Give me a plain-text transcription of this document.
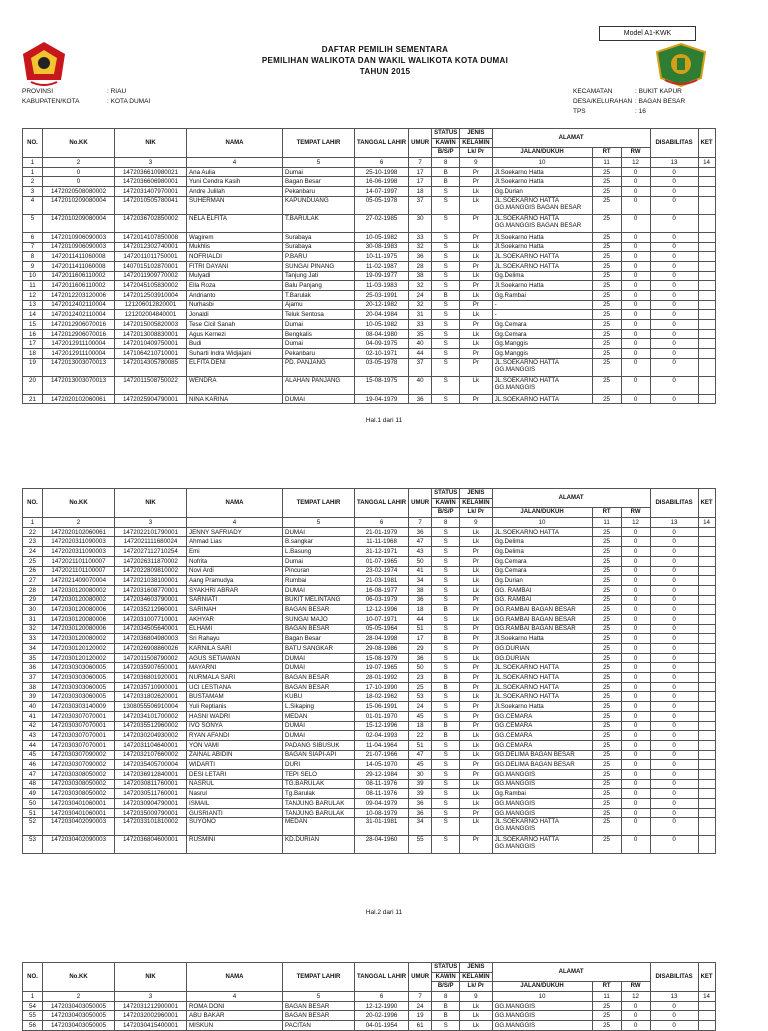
Model A1-KWK
DAFTAR PEMILIH SEMENTARA
PEMILIHAN WALIKOTA DAN WAKIL WALIKOTA KOTA DUMAI
TAHUN 2015
PROVINSI	: RIAU
KABUPATEN/KOTA	: KOTA DUMAI
KECAMATAN	: BUKIT KAPUR
DESA/KELURAHAN : BAGAN BESAR
TPS	: 16
NO.	No.KK	NIK	NAMA	TEMPAT LAHIR	TANGGAL LAHIR	UMUR	STATUS	JENIS	ALAMAT			DISABILITAS	KET
							KAWIN	KELAMIN					
							B/S/P	Lk/ Pr	JALAN/DUKUH	RT	RW		
1	2	3	4	5	6	7	8	9	10	11	12	13	14
1	0	1472036610980021	Ana Aulia	Dumai	25-10-1998	17	B	Pr	Jl.Soekarno Hatta	25	0	0	
2	0	1472036606980001	Yuni Cendra Kasih	Bagan Besar	16-06-1998	17	B	Pr	Jl.Soekarno Hatta	25	0	0	
3	1472020508080002	1472031407970001	Andre Julilah	Pekanbaru	14-07-1997	18	S	Lk	Gg.Durian	25	0	0	
4	1472010209080004	1472010505780041	SUHERMAN	KAPUNDUANG	05-05-1978	37	S	Lk	JL.SOEKARNO HATTA
GG.MANGGIS BAGAN BESAR	25	0	0	
5	1472010209080004	1472036702850002	NELA ELFITA	T.BARULAK	27-02-1985	30	S	Pr	JL.SOEKARNO HATTA
GG.MANGGIS BAGAN BESAR	25	0	0	
6	1472010906090003	1472014107850008	Wagirem	Surabaya	10-05-1982	33	S	Pr	Jl.Soekarno Hatta	25	0	0	
7	1472010906090003	1472012302740001	Mukhlis	Surabaya	30-08-1983	32	S	Lk	Jl.Soekarno Hatta	25	0	0	
8	1472011411060008	1472011011750001	NOFRIALDI	P.BARU	10-11-1975	36	S	Lk	JL.SOEKARNO HATTA	25	0	0	
9	1472011411060008	1407015102870001	FITRI DAYANI	SUNGAI PINANG	11-02-1987	28	S	Pr	JL.SOEKARNO HATTA	25	0	0	
10	1472011606110002	1472011909770002	Mulyadi	Tanjung Jati	19-09-1977	38	S	Lk	Gg.Delima	25	0	0	
11	1472011606110002	1472045105830002	Ella Roza	Balu Panjang	11-03-1983	32	S	Pr	Jl.Soekarno Hatta	25	0	0	
12	1472012203120006	1472012503910004	Andrianto	T.Barulak	25-03-1991	24	B	Lk	Gg.Rambai	25	0	0	
13	1472012402110004	121206012820001	Nurhasbi	Ajamu	20-12-1982	32	S	Pr	-	25	0	0	
14	1472012402110004	121202004840001	Jonaldi	Teluk Sentosa	20-04-1984	31	S	Lk	-	25	0	0	
15	1472012906070016	1472015005820003	Tese Cicil Sanah	Dumai	10-05-1982	33	S	Pr	Gg.Cemara	25	0	0	
16	1472012906070016	1472013008830001	Agus Kernezi	Bengkalis	08-04-1980	35	S	Lk	Gg.Cemara	25	0	0	
17	1472012911100004	1472010409750001	Budi	Dumai	04-09-1975	40	S	Lk	Gg.Manggis	25	0	0	
18	1472012911100004	1471064210710001	Suharti Indra Widjajani	Pekanbaru	02-10-1971	44	S	Pr	Gg.Manggis	25	0	0	
19	1472013003070013	1472014305780085	ELFITA DENI	PD. PANJANG	03-05-1978	37	S	Pr	JL.SOEKARNO HATTA
GG.MANGGIS	25	0	0	
20	1472013003070013	1472011508750022	WENDRA	ALAHAN PANJANG	15-08-1975	40	S	Lk	JL.SOEKARNO HATTA
GG.MANGGIS	25	0	0	
21	1472020102060061	1472025904790001	NINA KARINA	DUMAI	19-04-1979	36	S	Pr	JL.SOEKARNO HATTA	25	0	0	
Hal.1 dari 11
NO.	No.KK	NIK	NAMA	TEMPAT LAHIR	TANGGAL LAHIR	UMUR	STATUS	JENIS	ALAMAT			DISABILITAS	KET
							KAWIN	KELAMIN					
							B/S/P	Lk/ Pr	JALAN/DUKUH	RT	RW		
1	2	3	4	5	6	7	8	9	10	11	12	13	14
22	1472020102060061	1472022101790001	JENNY SAFRIADY	DUMAI	21-01-1979	36	S	Lk	JL.SOEKARNO HATTA	25	0	0	
23	1472020311090003	1472021111680024	Ahmad Lias	B.sangkar	11-11-1968	47	S	Lk	Gg.Delima	25	0	0	
24	1472020311090003	1472027112710254	Emi	L.Basung	31-12-1971	43	S	Pr	Gg.Delima	25	0	0	
25	1472021101100007	1472026311870002	Nofrita	Dumai	01-07-1965	50	S	Pr	Gg.Cemara	25	0	0	
26	1472021101100007	1472022809810002	Novi Ardi	Pincuran	23-02-1974	41	S	Lk	Gg.Cemara	25	0	0	
27	1472021409070004	1472021038100001	Aang Pramudya	Rumbai	21-03-1981	34	S	Lk	Gg.Durian	25	0	0	
28	1472030120080002	1472031608770001	SYAKHRI ABRAR	DUMAI	16-08-1977	38	S	Lk	GG. RAMBAI	25	0	0	
29	1472030120080002	1472034603790001	SARNIATI	BUKIT MELINTANG	06-03-1979	36	S	Pr	GG. RAMBAI	25	0	0	
30	1472030120080006	1472035212960001	SARINAH	BAGAN BESAR	12-12-1996	18	B	Pr	GG.RAMBAI BAGAN BESAR	25	0	0	
31	1472030120080006	1472031007710001	AKHYAR	SUNGAI MAJO	10-07-1971	44	S	Lk	GG.RAMBAI BAGAN BESAR	25	0	0	
32	1472030120080006	1472034505640001	ELHAMI	BAGAN BESAR	05-05-1964	51	S	Pr	GG.RAMBAI BAGAN BESAR	25	0	0	
33	1472030120080002	1472036804980003	Sri Rahayu	Bagan Besar	28-04-1998	17	B	Pr	Jl.Soekarno Hatta	25	0	0	
34	1472030120120002	1472026908860026	KARNILA SARI	BATU SANGKAR	29-08-1986	29	S	Pr	GG.DURIAN	25	0	0	
35	1472030120120002	1472011508790002	AGUS SETIAWAN	DUMAI	15-08-1979	36	S	Lk	GG.DURIAN	25	0	0	
36	1472030303060005	1472035907650001	MAYARNI	DUMAI	19-07-1965	50	S	Pr	JL.SOEKARNO HATTA	25	0	0	
37	1472030303060005	1472036801920001	NURMALA SARI	BAGAN BESAR	28-01-1992	23	B	Pr	JL.SOEKARNO HATTA	25	0	0	
38	1472030303060005	1472035710900001	UCI LESTIANA	BAGAN BESAR	17-10-1990	25	B	Pr	JL.SOEKARNO HATTA	25	0	0	
39	1472030303060005	1472031802620001	BUSTAMAM	KUBU	18-02-1962	53	S	Lk	JL.SOEKARNO HATTA	25	0	0	
40	1472030303140009	1308055506910004	Yuli Reptianis	L.Sikaping	15-06-1991	24	S	Pr	Jl.Soekarno Hatta	25	0	0	
41	1472030307070001	1472034101700002	HASNI WADRI	MEDAN	01-01-1970	45	S	Pr	GG.CEMARA	25	0	0	
42	1472030307070001	1472035512960002	IVO SONYA	DUMAI	15-12-1996	18	B	Pr	GG.CEMARA	25	0	0	
43	1472030307070001	1472030204930002	RYAN AFANDI	DUMAI	02-04-1993	22	B	Lk	GG.CEMARA	25	0	0	
44	1472030307070001	1472031104640001	YON VAMI	PADANG SIBUSUK	11-04-1964	51	S	Lk	GG.CEMARA	25	0	0	
45	1472030307090002	1472032107660002	ZAINAL ABIDIN	BAGAN SIAPI-API	21-07-1966	47	S	Lk	GG.DELIMA BAGAN BESAR	25	0	0	
46	1472030307090002	1472035405700004	WIDARTI	DURI	14-05-1970	45	S	Pr	GG.DELIMA BAGAN BESAR	25	0	0	
47	1472030308050002	1472036912840001	DESI LETARI	TEPI SELO	29-12-1984	30	S	Pr	GG.MANGGIS	25	0	0	
48	1472030308050002	1472030811760001	NASRUL	TG.BARULAK	08-11-1976	39	S	Lk	GG.MANGGIS	25	0	0	
49	1472030308050002	1472030511760001	Nasrul	Tg.Barulak	08-11-1976	39	S	Lk	Gg.Rambai	25	0	0	
50	1472030401060001	1472030904790001	ISMAIL	TANJUNG BARULAK	09-04-1979	36	S	Lk	GG.MANGGIS	25	0	0	
51	1472030401060001	1472035009790001	GUSRIANTI	TANJUNG BARULAK	10-08-1979	36	S	Pr	GG.MANGGIS	25	0	0	
52	1472030402090003	1472033101810002	SUYONO	MEDAN	31-01-1981	34	S	Lk	JL.SOEKARNO HATTA
GG.MANGGIS	25	0	0	
53	1472030402090003	1472036804600001	RUSMINI	KD.DURIAN	28-04-1960	55	S	Pr	JL.SOEKARNO HATTA
GG.MANGGIS	25	0	0	
Hal.2 dari 11
NO.	No.KK	NIK	NAMA	TEMPAT LAHIR	TANGGAL LAHIR	UMUR	STATUS	JENIS	ALAMAT			DISABILITAS	KET
							KAWIN	KELAMIN					
							B/S/P	Lk/ Pr	JALAN/DUKUH	RT	RW		
1	2	3	4	5	6	7	8	9	10	11	12	13	14
54	1472030403050005	1472031212900001	ROMA DONI	BAGAN BESAR	12-12-1990	24	B	Lk	GG.MANGGIS	25	0	0	
55	1472030403050005	1472032002960001	ABU BAKAR	BAGAN BESAR	20-02-1996	19	B	Lk	GG.MANGGIS	25	0	0	
56	1472030403050005	1472030415400001	MISKUN	PACITAN	04-01-1954	61	S	Lk	GG.MANGGIS	25	0	0	
